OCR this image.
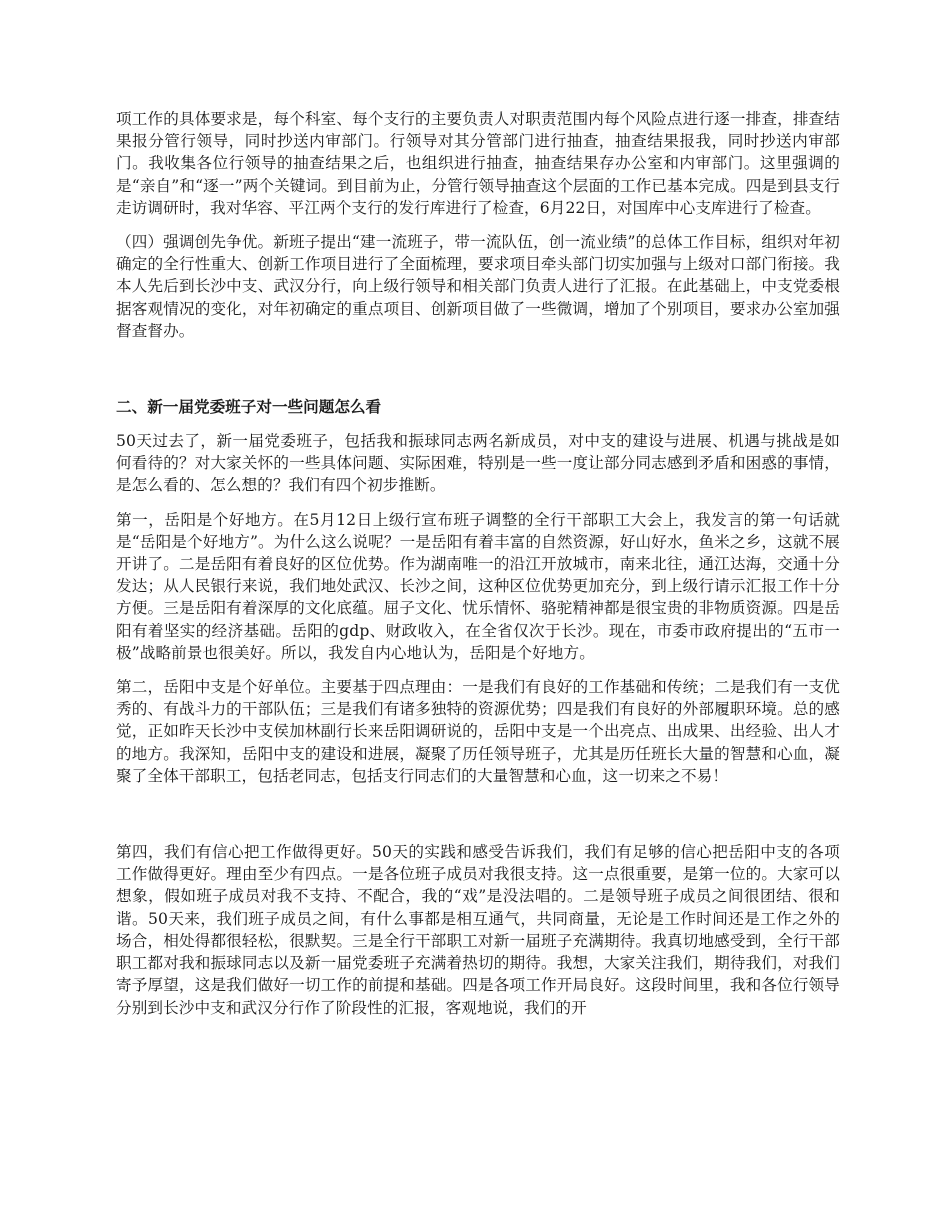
项工作的具体要求是，每个科室、每个支行的主要负责人对职责范围内每个风险点进行逐一排查，排查结果报分管行领导，同时抄送内审部门。行领导对其分管部门进行抽查，抽查结果报我，同时抄送内审部门。我收集各位行领导的抽查结果之后，也组织进行抽查，抽查结果存办公室和内审部门。这里强调的是“亲自”和“逐一”两个关键词。到目前为止，分管行领导抽查这个层面的工作已基本完成。四是到县支行走访调研时，我对华容、平江两个支行的发行库进行了检查，6月22日，对国库中心支库进行了检查。

（四）强调创先争优。新班子提出“建一流班子，带一流队伍，创一流业绩”的总体工作目标，组织对年初确定的全行性重大、创新工作项目进行了全面梳理，要求项目牵头部门切实加强与上级对口部门衔接。我本人先后到长沙中支、武汉分行，向上级行领导和相关部门负责人进行了汇报。在此基础上，中支党委根据客观情况的变化，对年初确定的重点项目、创新项目做了一些微调，增加了个别项目，要求办公室加强督查督办。

二、新一届党委班子对一些问题怎么看

50天过去了，新一届党委班子，包括我和振球同志两名新成员，对中支的建设与进展、机遇与挑战是如何看待的？对大家关怀的一些具体问题、实际困难，特别是一些一度让部分同志感到矛盾和困惑的事情，是怎么看的、怎么想的？我们有四个初步推断。

第一，岳阳是个好地方。在5月12日上级行宣布班子调整的全行干部职工大会上，我发言的第一句话就是“岳阳是个好地方”。为什么这么说呢？一是岳阳有着丰富的自然资源，好山好水，鱼米之乡，这就不展开讲了。二是岳阳有着良好的区位优势。作为湖南唯一的沿江开放城市，南来北往，通江达海，交通十分发达；从人民银行来说，我们地处武汉、长沙之间，这种区位优势更加充分，到上级行请示汇报工作十分方便。三是岳阳有着深厚的文化底蕴。屈子文化、忧乐情怀、骆驼精神都是很宝贵的非物质资源。四是岳阳有着坚实的经济基础。岳阳的gdp、财政收入，在全省仅次于长沙。现在，市委市政府提出的“五市一极”战略前景也很美好。所以，我发自内心地认为，岳阳是个好地方。

第二，岳阳中支是个好单位。主要基于四点理由：一是我们有良好的工作基础和传统；二是我们有一支优秀的、有战斗力的干部队伍；三是我们有诸多独特的资源优势；四是我们有良好的外部履职环境。总的感觉，正如昨天长沙中支侯加林副行长来岳阳调研说的，岳阳中支是一个出亮点、出成果、出经验、出人才的地方。我深知，岳阳中支的建设和进展，凝聚了历任领导班子，尤其是历任班长大量的智慧和心血，凝聚了全体干部职工，包括老同志，包括支行同志们的大量智慧和心血，这一切来之不易！

第四，我们有信心把工作做得更好。50天的实践和感受告诉我们，我们有足够的信心把岳阳中支的各项工作做得更好。理由至少有四点。一是各位班子成员对我很支持。这一点很重要，是第一位的。大家可以想象，假如班子成员对我不支持、不配合，我的“戏”是没法唱的。二是领导班子成员之间很团结、很和谐。50天来，我们班子成员之间，有什么事都是相互通气，共同商量，无论是工作时间还是工作之外的场合，相处得都很轻松，很默契。三是全行干部职工对新一届班子充满期待。我真切地感受到，全行干部职工都对我和振球同志以及新一届党委班子充满着热切的期待。我想，大家关注我们，期待我们，对我们寄予厚望，这是我们做好一切工作的前提和基础。四是各项工作开局良好。这段时间里，我和各位行领导分别到长沙中支和武汉分行作了阶段性的汇报，客观地说，我们的开
